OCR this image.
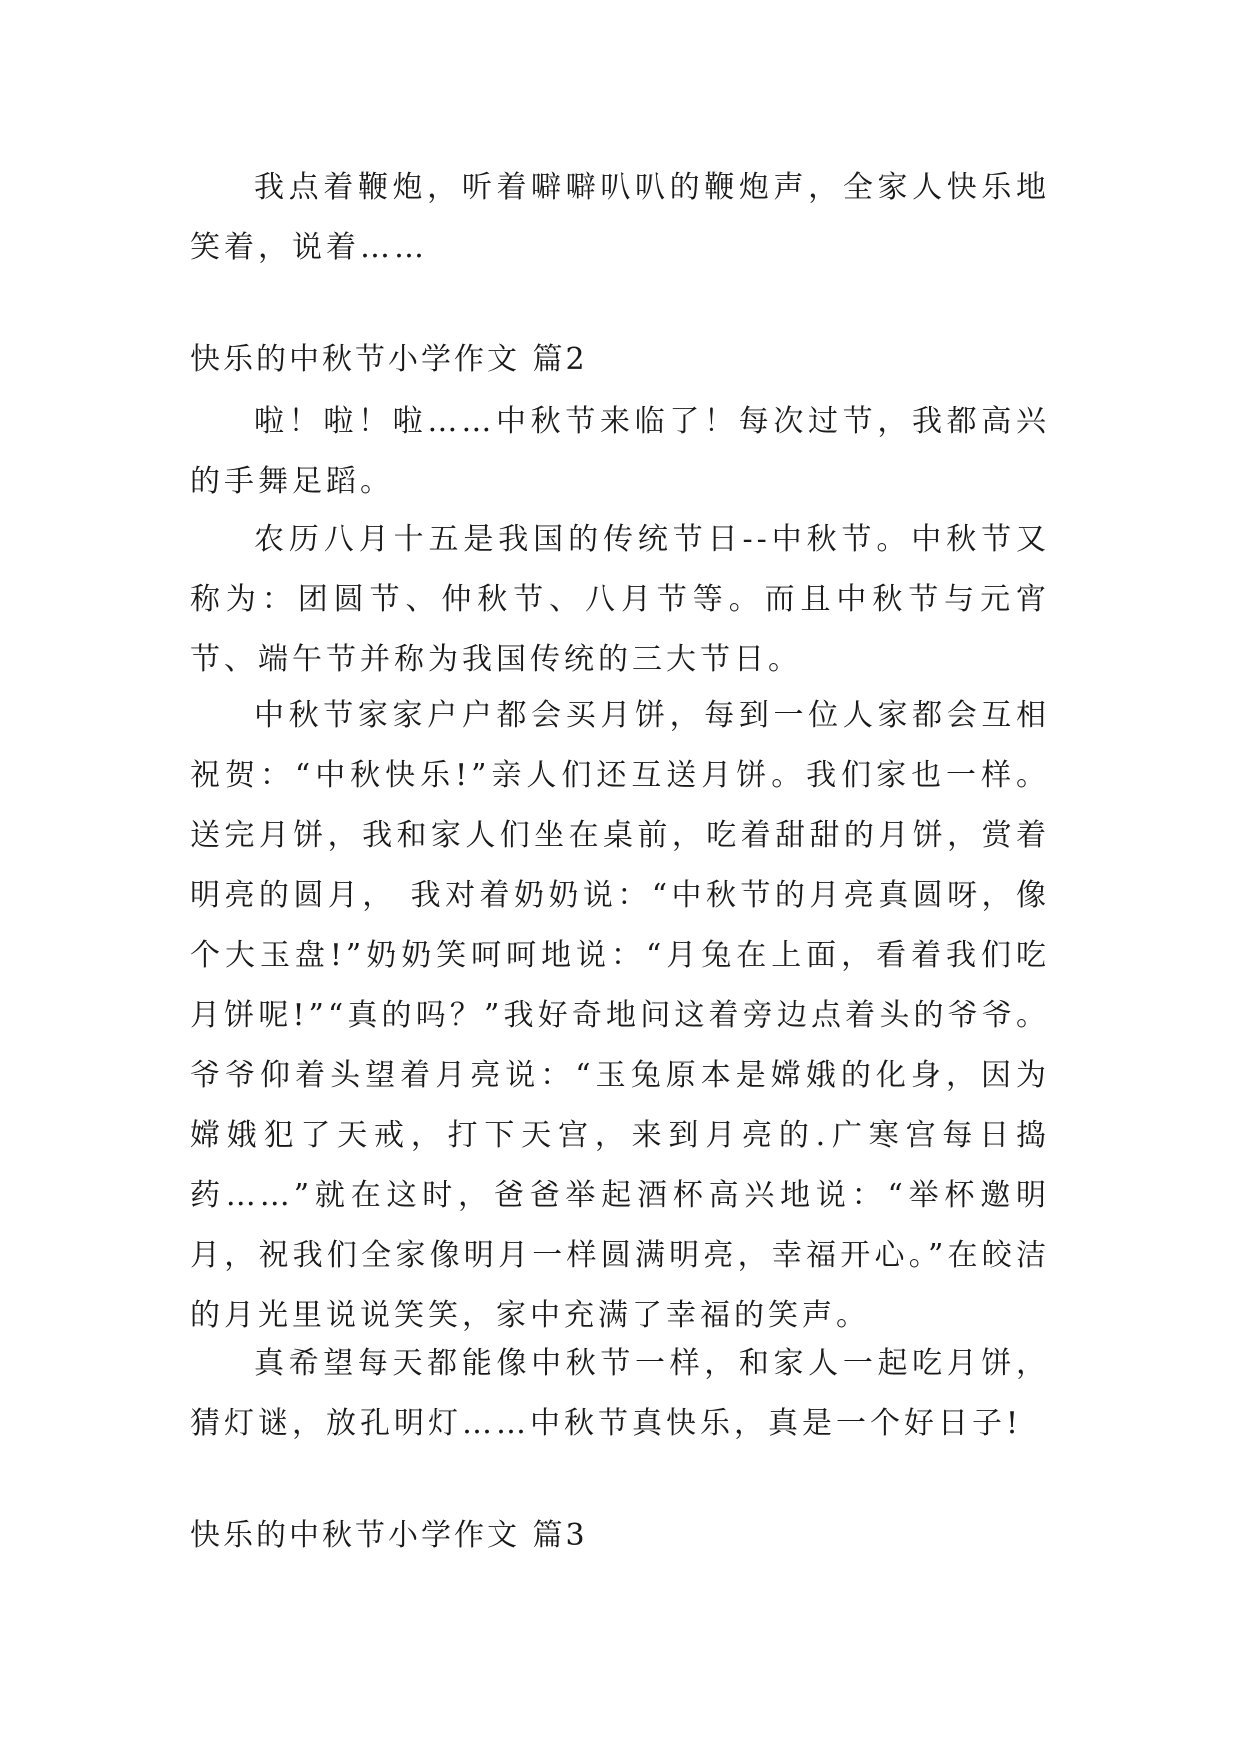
我点着鞭炮，听着噼噼叭叭的鞭炮声，全家人快乐地笑着，说着……

快乐的中秋节小学作文 篇2

啦！啦！啦……中秋节来临了！每次过节，我都高兴的手舞足蹈。

农历八月十五是我国的传统节日--中秋节。中秋节又称为：团圆节、仲秋节、八月节等。而且中秋节与元宵节、端午节并称为我国传统的三大节日。

中秋节家家户户都会买月饼，每到一位人家都会互相祝贺：“中秋快乐!”亲人们还互送月饼。我们家也一样。送完月饼，我和家人们坐在桌前，吃着甜甜的月饼，赏着明亮的圆月， 我对着奶奶说：“中秋节的月亮真圆呀，像个大玉盘!”奶奶笑呵呵地说：“月兔在上面，看着我们吃月饼呢!”“真的吗？”我好奇地问这着旁边点着头的爷爷。爷爷仰着头望着月亮说：“玉兔原本是嫦娥的化身，因为嫦娥犯了天戒，打下天宫，来到月亮的.广寒宫每日捣药……”就在这时，爸爸举起酒杯高兴地说：“举杯邀明月，祝我们全家像明月一样圆满明亮，幸福开心。”在皎洁的月光里说说笑笑，家中充满了幸福的笑声。

真希望每天都能像中秋节一样，和家人一起吃月饼，猜灯谜，放孔明灯……中秋节真快乐，真是一个好日子!

快乐的中秋节小学作文 篇3
